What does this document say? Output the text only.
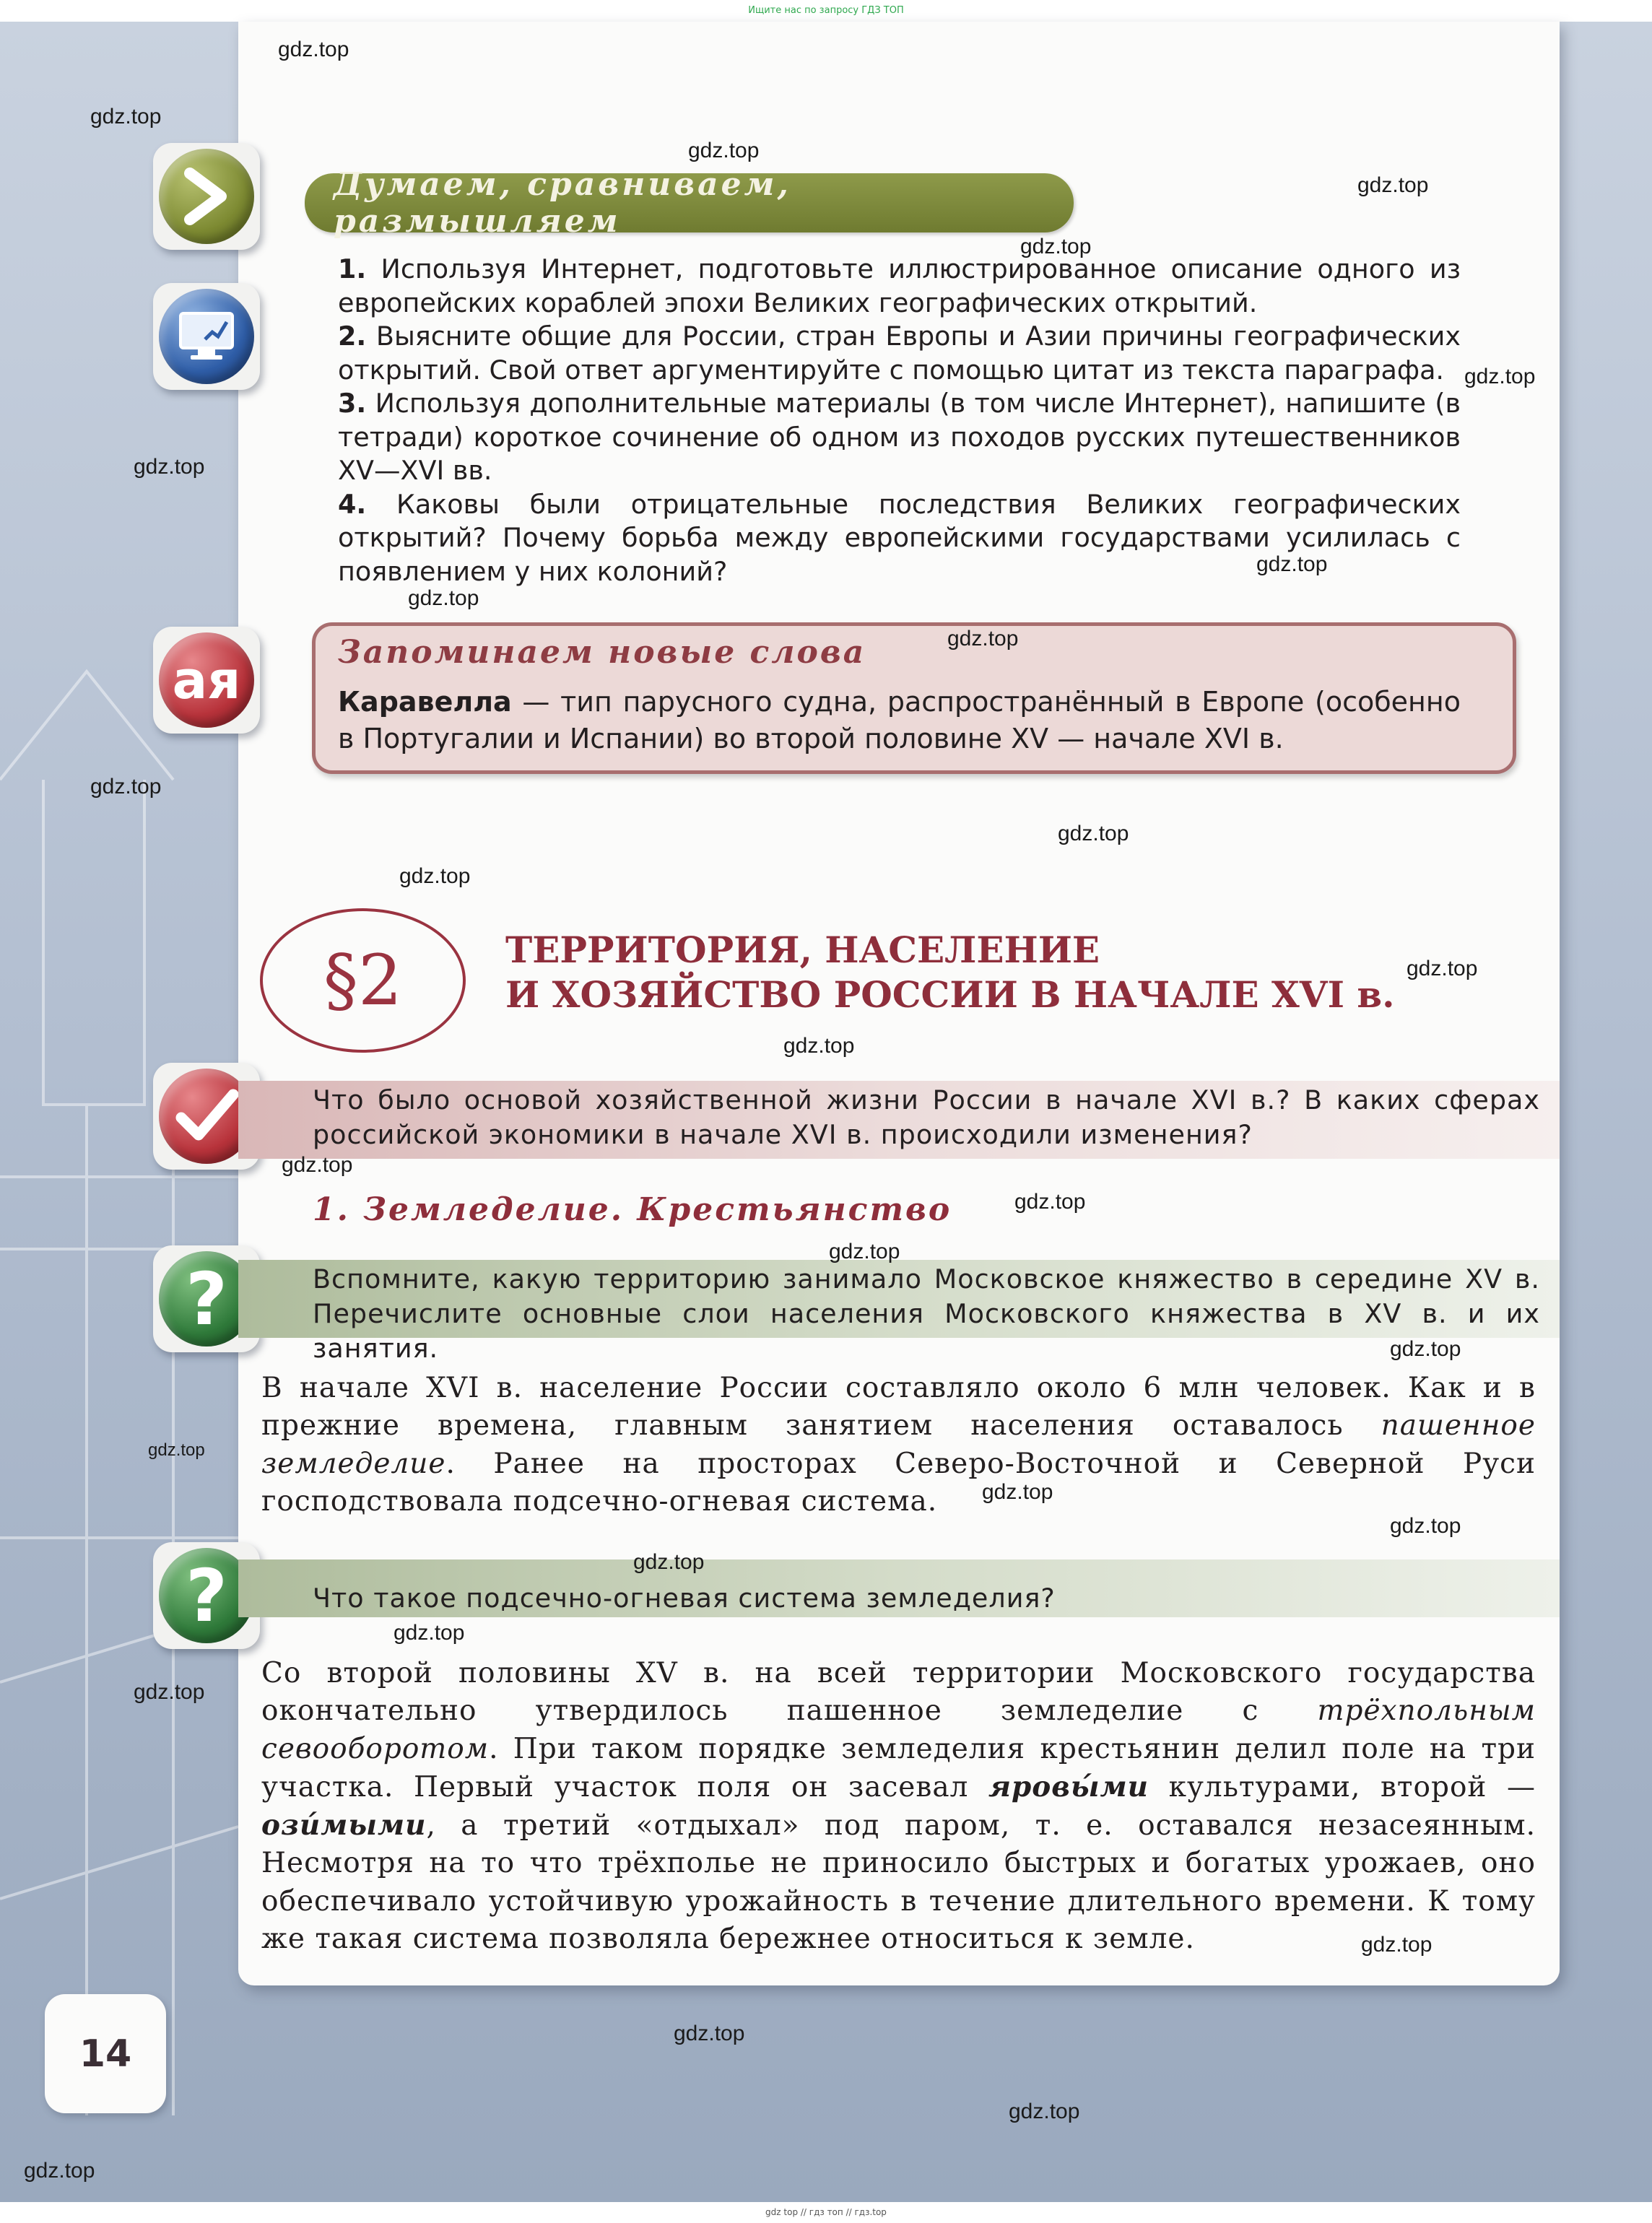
Ищите нас по запросу ГДЗ ТОП
ая
?
?
Думаем, сравниваем, размышляем

1. Используя Интернет, подготовьте иллюстрированное описание одного из европейских кораблей эпохи Великих географических открытий.

2. Выясните общие для России, стран Европы и Азии причины географических открытий. Свой ответ аргументируйте с помощью цитат из текста параграфа.

3. Используя дополнительные материалы (в том числе Интернет), напишите (в тетради) короткое сочинение об одном из походов русских путешественников XV—XVI вв.

4. Каковы были отрицательные последствия Великих географических открытий? Почему борьба между европейскими государствами усилилась с появлением у них колоний?

Запоминаем новые слова
Каравелла — тип парусного судна, распространённый в Европе (особенно в Португалии и Испании) во второй половине XV — начале XVI в.
§2	ТЕРРИТОРИЯ, НАСЕЛЕНИЕ
И ХОЗЯЙСТВО РОССИИ В НАЧАЛЕ XVI в.
Что было основой хозяйственной жизни России в начале XVI в.? В каких сферах российской экономики в начале XVI в. происходили изменения?
1. Земледелие. Крестьянство
Вспомните, какую территорию занимало Московское княжество в середине XV в. Перечислите основные слои населения Московского княжества в XV в. и их занятия.
В начале XVI в. население России составляло около 6 млн человек. Как и в прежние времена, главным занятием населения оставалось пашенное земледелие. Ранее на просторах Северо-Восточной и Северной Руси господствовала подсечно-огневая система.
Что такое подсечно-огневая система земледелия?
Со второй половины XV в. на всей территории Московского государства окончательно утвердилось пашенное земледелие с трёхпольным севооборотом. При таком порядке земледелия крестьянин делил поле на три участка. Первый участок поля он засевал яровы́ми культурами, второй — ози́мыми, а третий «отдыхал» под паром, т. е. оставался незасеянным. Несмотря на то что трёхполье не приносило быстрых и богатых урожаев, оно обеспечивало устойчивую урожайность в течение длительного времени. К тому же такая система позволяла бережнее относиться к земле.
14
gdz.top
gdz.top
gdz.top
gdz.top
gdz.top
gdz.top
gdz.top
gdz.top
gdz.top
gdz.top
gdz.top
gdz.top
gdz.top
gdz.top
gdz.top
gdz.top
gdz.top
gdz.top
gdz.top
gdz.top
gdz.top
gdz.top
gdz.top
gdz.top
gdz.top
gdz.top
gdz.top
gdz.top
gdz.top
gdz top // гдз топ // гдз.top
